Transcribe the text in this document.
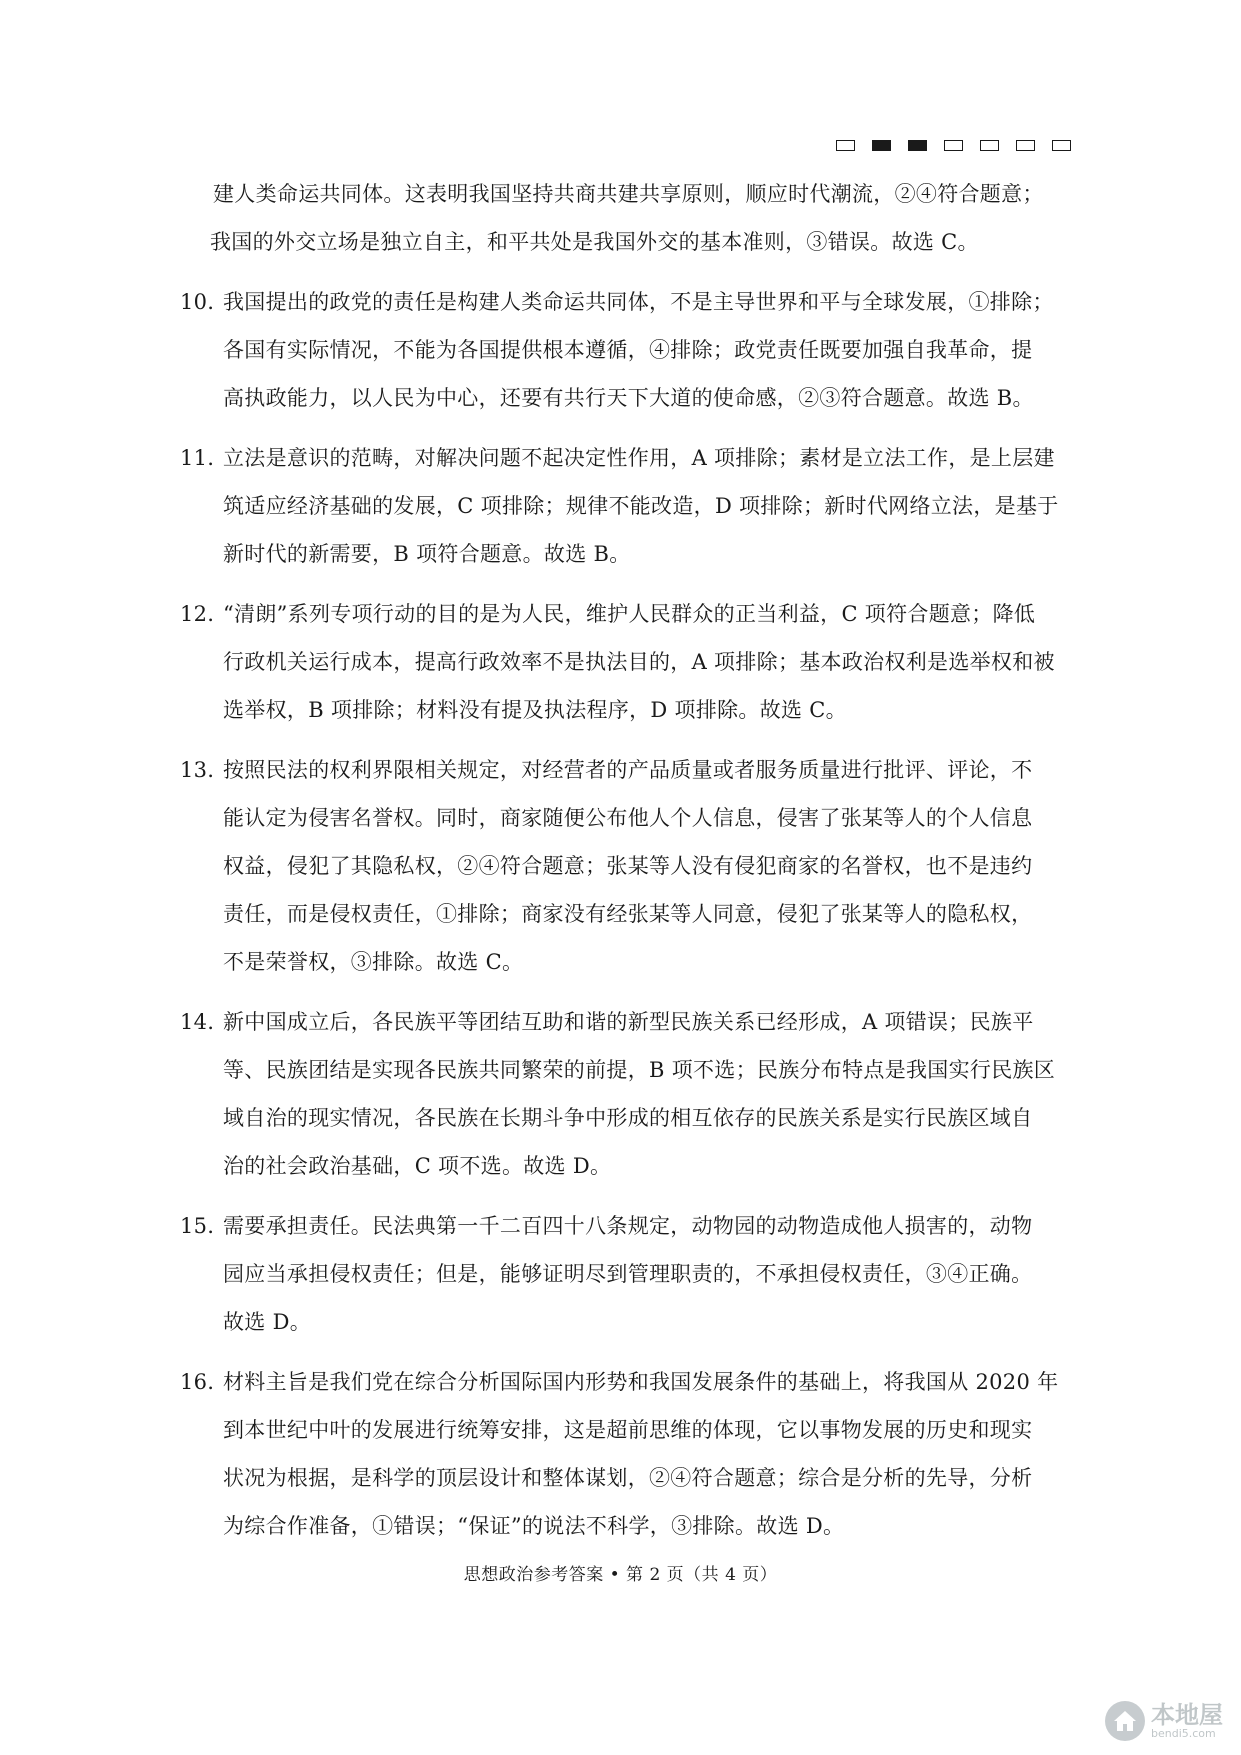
建人类命运共同体。这表明我国坚持共商共建共享原则，顺应时代潮流，②④符合题意；
我国的外交立场是独立自主，和平共处是我国外交的基本准则，③错误。故选 C。
10．
我国提出的政党的责任是构建人类命运共同体，不是主导世界和平与全球发展，①排除；
各国有实际情况，不能为各国提供根本遵循，④排除；政党责任既要加强自我革命，提
高执政能力，以人民为中心，还要有共行天下大道的使命感，②③符合题意。故选 B。
11．
立法是意识的范畴，对解决问题不起决定性作用，A 项排除；素材是立法工作，是上层建
筑适应经济基础的发展，C 项排除；规律不能改造，D 项排除；新时代网络立法，是基于
新时代的新需要，B 项符合题意。故选 B。
12．
“清朗”系列专项行动的目的是为人民，维护人民群众的正当利益，C 项符合题意；降低
行政机关运行成本，提高行政效率不是执法目的，A 项排除；基本政治权利是选举权和被
选举权，B 项排除；材料没有提及执法程序，D 项排除。故选 C。
13．
按照民法的权利界限相关规定，对经营者的产品质量或者服务质量进行批评、评论，不
能认定为侵害名誉权。同时，商家随便公布他人个人信息，侵害了张某等人的个人信息
权益，侵犯了其隐私权，②④符合题意；张某等人没有侵犯商家的名誉权，也不是违约
责任，而是侵权责任，①排除；商家没有经张某等人同意，侵犯了张某等人的隐私权，
不是荣誉权，③排除。故选 C。
14．
新中国成立后，各民族平等团结互助和谐的新型民族关系已经形成，A 项错误；民族平
等、民族团结是实现各民族共同繁荣的前提，B 项不选；民族分布特点是我国实行民族区
域自治的现实情况，各民族在长期斗争中形成的相互依存的民族关系是实行民族区域自
治的社会政治基础，C 项不选。故选 D。
15．
需要承担责任。民法典第一千二百四十八条规定，动物园的动物造成他人损害的，动物
园应当承担侵权责任；但是，能够证明尽到管理职责的，不承担侵权责任，③④正确。
故选 D。
16．
材料主旨是我们党在综合分析国际国内形势和我国发展条件的基础上，将我国从 2020 年
到本世纪中叶的发展进行统筹安排，这是超前思维的体现，它以事物发展的历史和现实
状况为根据，是科学的顶层设计和整体谋划，②④符合题意；综合是分析的先导，分析
为综合作准备，①错误；“保证”的说法不科学，③排除。故选 D。
思想政治参考答案 • 第 2 页（共 4 页）
本地屋
bendi5.com
